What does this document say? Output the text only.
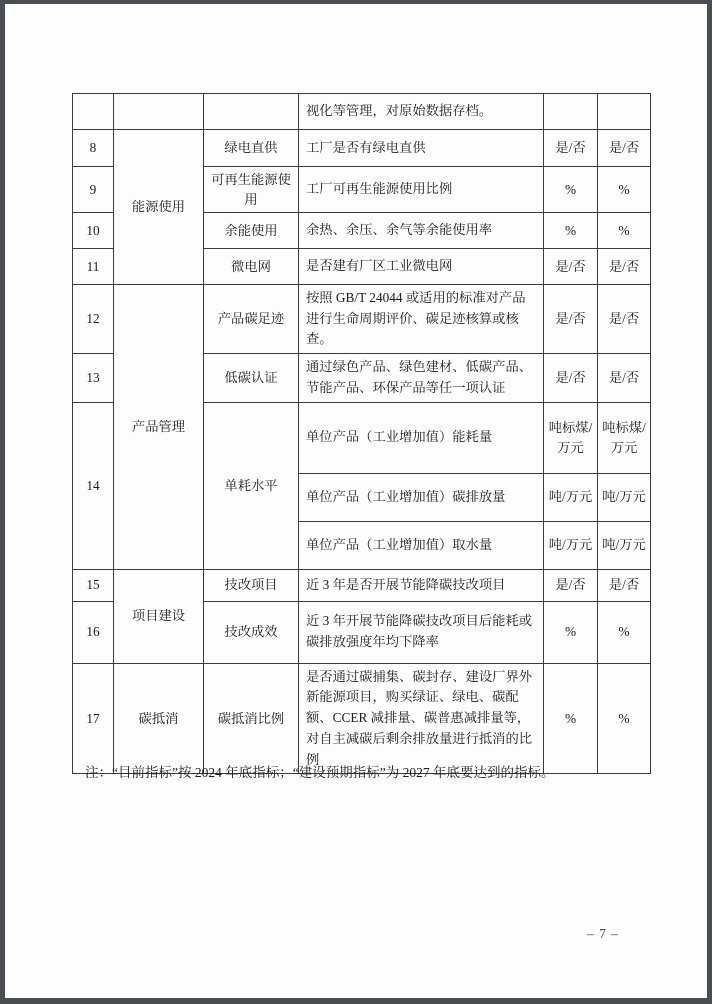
			视化等管理，对原始数据存档。		
8	能源使用	绿电直供	工厂是否有绿电直供	是/否	是/否
9		可再生能源使用	工厂可再生能源使用比例	%	%
10		余能使用	余热、余压、余气等余能使用率	%	%
11		微电网	是否建有厂区工业微电网	是/否	是/否
12	产品管理	产品碳足迹	按照 GB/T 24044 或适用的标准对产品进行生命周期评价、碳足迹核算或核查。	是/否	是/否
13		低碳认证	通过绿色产品、绿色建材、低碳产品、节能产品、环保产品等任一项认证	是/否	是/否
14		单耗水平	单位产品（工业增加值）能耗量	吨标煤/万元	吨标煤/万元
			单位产品（工业增加值）碳排放量	吨/万元	吨/万元
			单位产品（工业增加值）取水量	吨/万元	吨/万元
15	项目建设	技改项目	近 3 年是否开展节能降碳技改项目	是/否	是/否
16		技改成效	近 3 年开展节能降碳技改项目后能耗或碳排放强度年均下降率	%	%
17	碳抵消	碳抵消比例	是否通过碳捕集、碳封存、建设厂界外新能源项目，购买绿证、绿电、碳配额、CCER 减排量、碳普惠减排量等，对自主减碳后剩余排放量进行抵消的比例	%	%
注：“目前指标”按 2024 年底指标；“建设预期指标”为 2027 年底要达到的指标。
– 7 –
